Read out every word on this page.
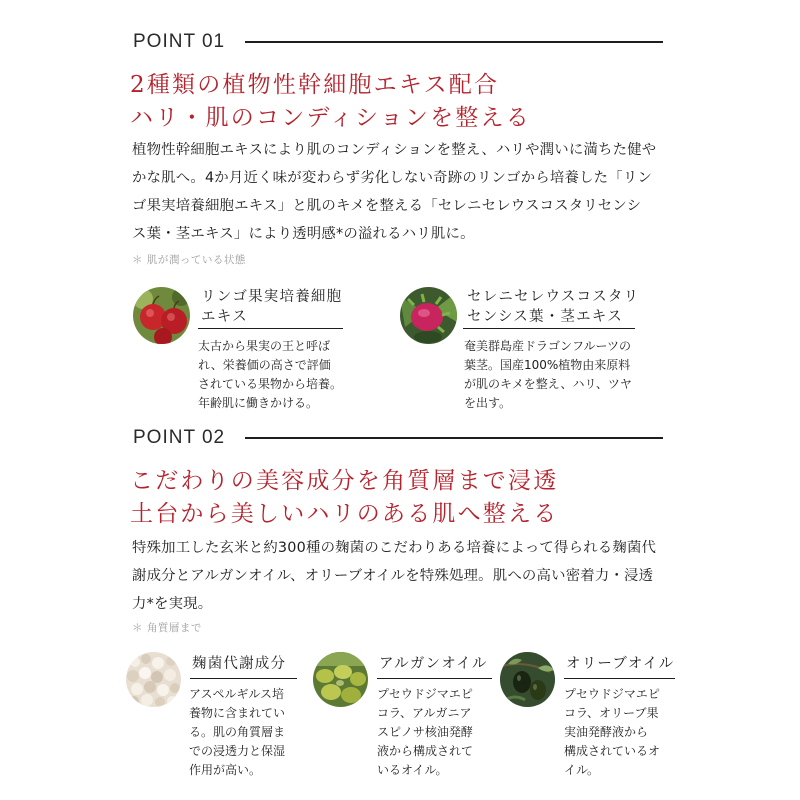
POINT 01
2種類の植物性幹細胞エキス配合
ハリ・肌のコンディションを整える
植物性幹細胞エキスにより肌のコンディションを整え、ハリや潤いに満ちた健や
かな肌へ。4か月近く味が変わらず劣化しない奇跡のリンゴから培養した「リン
ゴ果実培養細胞エキス」と肌のキメを整える「セレニセレウスコスタリセンシ
ス葉・茎エキス」により透明感*の溢れるハリ肌に。
＊ 肌が潤っている状態
リンゴ果実培養細胞
エキス
太古から果実の王と呼ば
れ、栄養価の高さで評価
されている果物から培養。
年齢肌に働きかける。
セレニセレウスコスタリ
センシス葉・茎エキス
奄美群島産ドラゴンフルーツの
葉茎。国産100%植物由来原料
が肌のキメを整え、ハリ、ツヤ
を出す。
POINT 02
こだわりの美容成分を角質層まで浸透
土台から美しいハリのある肌へ整える
特殊加工した玄米と約300種の麹菌のこだわりある培養によって得られる麹菌代
謝成分とアルガンオイル、オリーブオイルを特殊処理。肌への高い密着力・浸透
力*を実現。
＊ 角質層まで
麹菌代謝成分
アスペルギルス培
養物に含まれてい
る。肌の角質層ま
での浸透力と保湿
作用が高い。
アルガンオイル
プセウドジマエピ
コラ、アルガニア
スピノサ核油発酵
液から構成されて
いるオイル。
オリーブオイル
プセウドジマエピ
コラ、オリーブ果
実油発酵液から
構成されているオ
イル。
